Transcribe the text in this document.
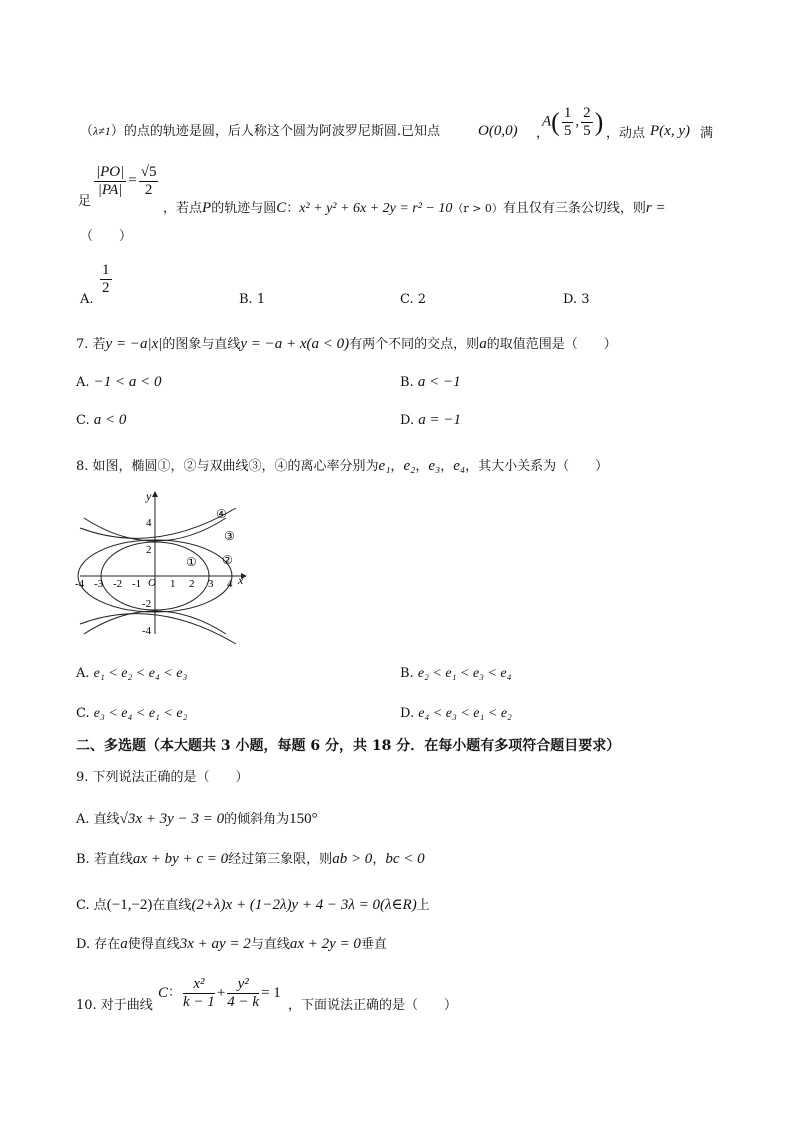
（λ≠1）的点的轨迹是圆，后人称这个圆为阿波罗尼斯圆.已知点	O(0,0) ，
$A( \frac{1}{5}$ , $\frac{2}{5}$ ) ，动点 P(x, y) 满
足
$\frac{|PO|}{|PA|} = \frac{√5}{2}$
，若点P的轨迹与圆C：x² + y² + 6x + 2y = r² − 10（r > 0）有且仅有三条公切线，则r =
（　　）
A.
$\frac{1}{2}$
B. 1	C. 2	D. 3
7. 若y = −a|x|的图象与直线y = −a + x(a < 0)有两个不同的交点，则a的取值范围是（　　）
A. −1 < a < 0	B. a < −1
C. a < 0	D. a = −1
8. 如图，椭圆①，②与双曲线③，④的离心率分别为e₁，e₂，e₃，e₄，其大小关系为（　　）
x
y
O
-4 -3 -2 -1	1 2 3 4
4
2
-2
-4
① ②
③
④
A. e₁ < e₂ < e₄ < e₃	B. e₂ < e₁ < e₃ < e₄
C. e₃ < e₄ < e₁ < e₂	D. e₄ < e₃ < e₁ < e₂
二、多选题（本大题共 3 小题，每题 6 分，共 18 分．在每小题有多项符合题目要求）
9. 下列说法正确的是（　　）
A. 直线√3x + 3y − 3 = 0的倾斜角为150°
B. 若直线ax + by + c = 0经过第三象限，则ab > 0，bc < 0
C. 点(−1,−2)在直线(2+λ)x + (1−2λ)y + 4 − 3λ = 0(λ∈R)上
D. 存在a使得直线3x + ay = 2与直线ax + 2y = 0垂直
10. 对于曲线
C： $\frac{\text{x²}}{k - 1} + \frac{\text{y²}}{4 - k} = 1$
，下面说法正确的是（　　）
